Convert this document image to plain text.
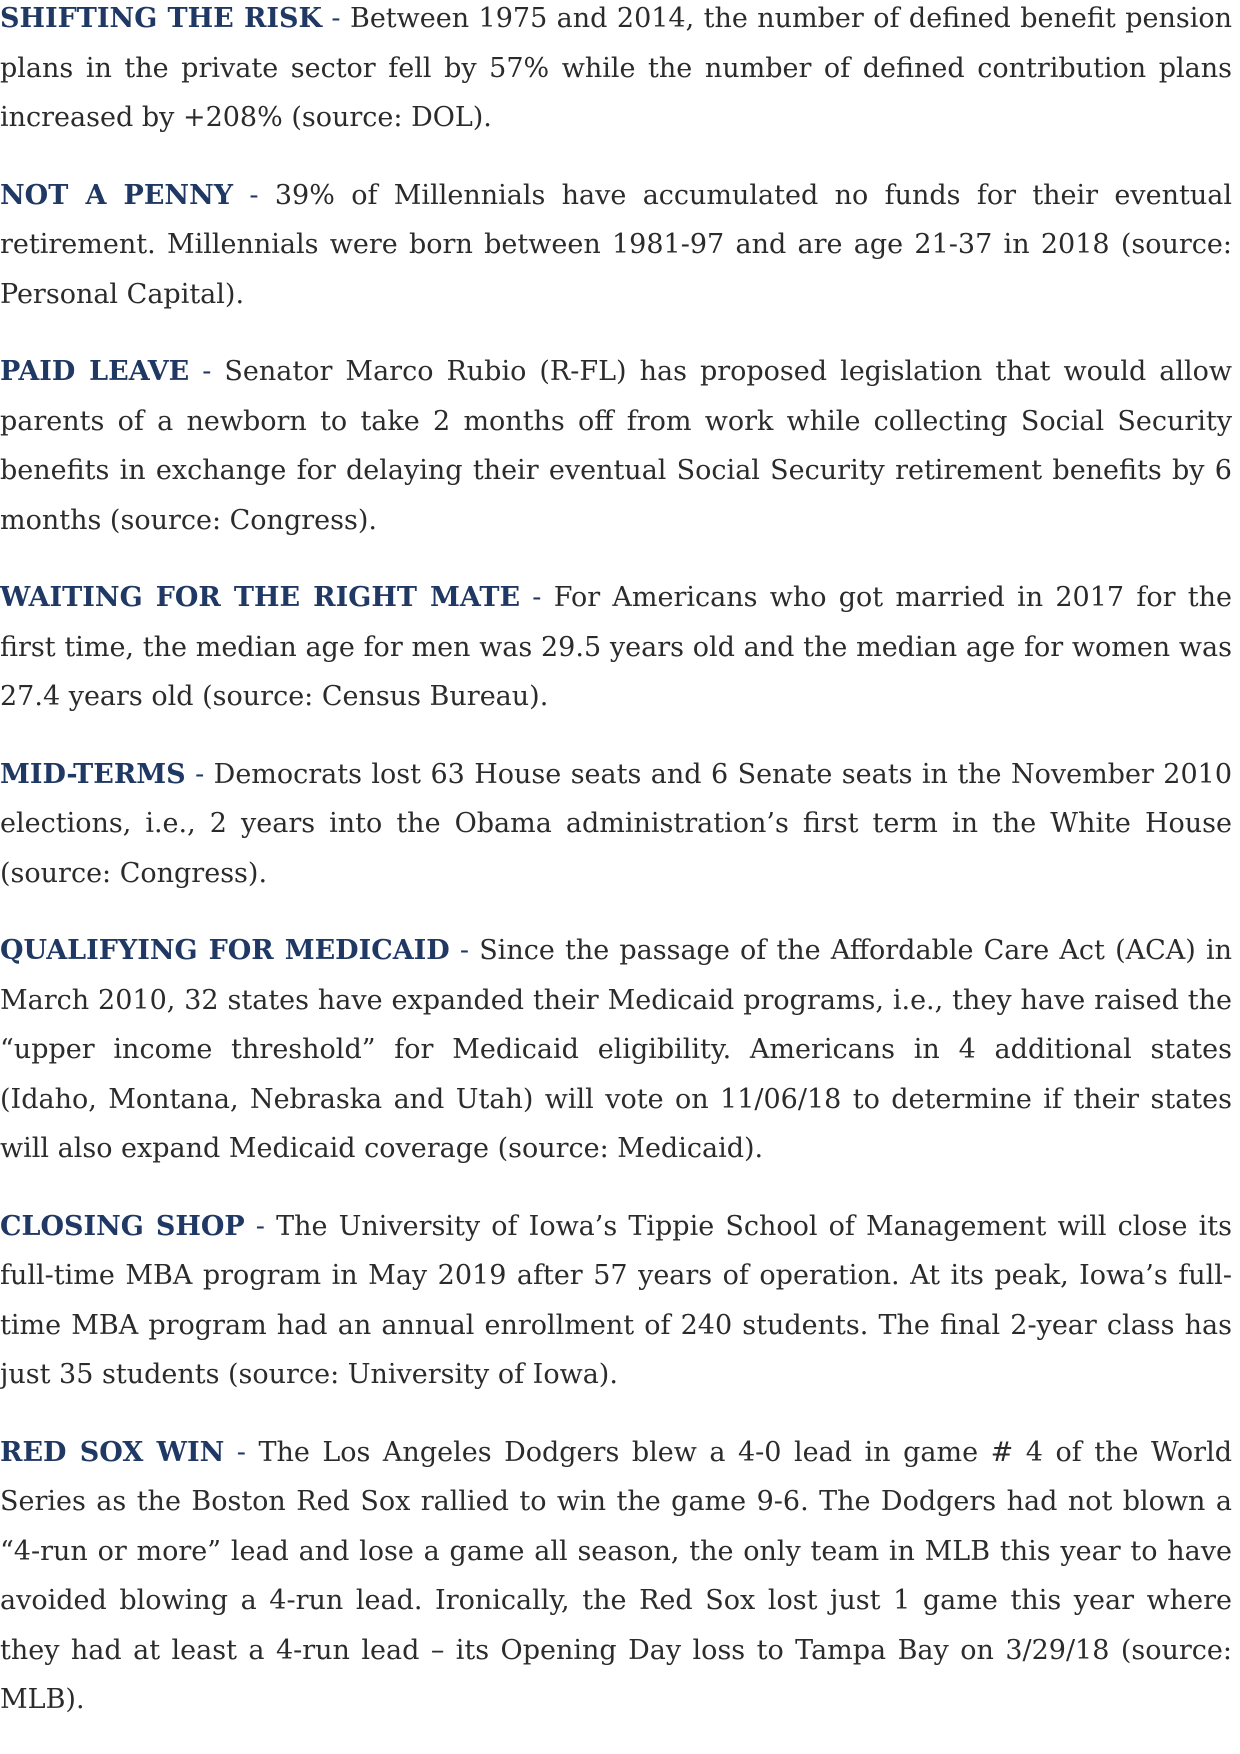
SHIFTING THE RISK - Between 1975 and 2014, the number of defined benefit pension plans in the private sector fell by 57% while the number of defined contribution plans increased by +208% (source: DOL).

NOT A PENNY - 39% of Millennials have accumulated no funds for their eventual retirement. Millennials were born between 1981-97 and are age 21-37 in 2018 (source: Personal Capital).

PAID LEAVE - Senator Marco Rubio (R-FL) has proposed legislation that would allow parents of a newborn to take 2 months off from work while collecting Social Security benefits in exchange for delaying their eventual Social Security retirement benefits by 6 months (source: Congress).

WAITING FOR THE RIGHT MATE - For Americans who got married in 2017 for the first time, the median age for men was 29.5 years old and the median age for women was 27.4 years old (source: Census Bureau).

MID-TERMS - Democrats lost 63 House seats and 6 Senate seats in the November 2010 elections, i.e., 2 years into the Obama administration’s first term in the White House (source: Congress).

QUALIFYING FOR MEDICAID - Since the passage of the Affordable Care Act (ACA) in March 2010, 32 states have expanded their Medicaid programs, i.e., they have raised the “upper income threshold” for Medicaid eligibility. Americans in 4 additional states (Idaho, Montana, Nebraska and Utah) will vote on 11/06/18 to determine if their states will also expand Medicaid coverage (source: Medicaid).

CLOSING SHOP - The University of Iowa’s Tippie School of Management will close its full-time MBA program in May 2019 after 57 years of operation. At its peak, Iowa’s full-time MBA program had an annual enrollment of 240 students. The final 2-year class has just 35 students (source: University of Iowa).

RED SOX WIN - The Los Angeles Dodgers blew a 4-0 lead in game # 4 of the World Series as the Boston Red Sox rallied to win the game 9-6. The Dodgers had not blown a “4-run or more” lead and lose a game all season, the only team in MLB this year to have avoided blowing a 4-run lead. Ironically, the Red Sox lost just 1 game this year where they had at least a 4-run lead – its Opening Day loss to Tampa Bay on 3/29/18 (source: MLB).
